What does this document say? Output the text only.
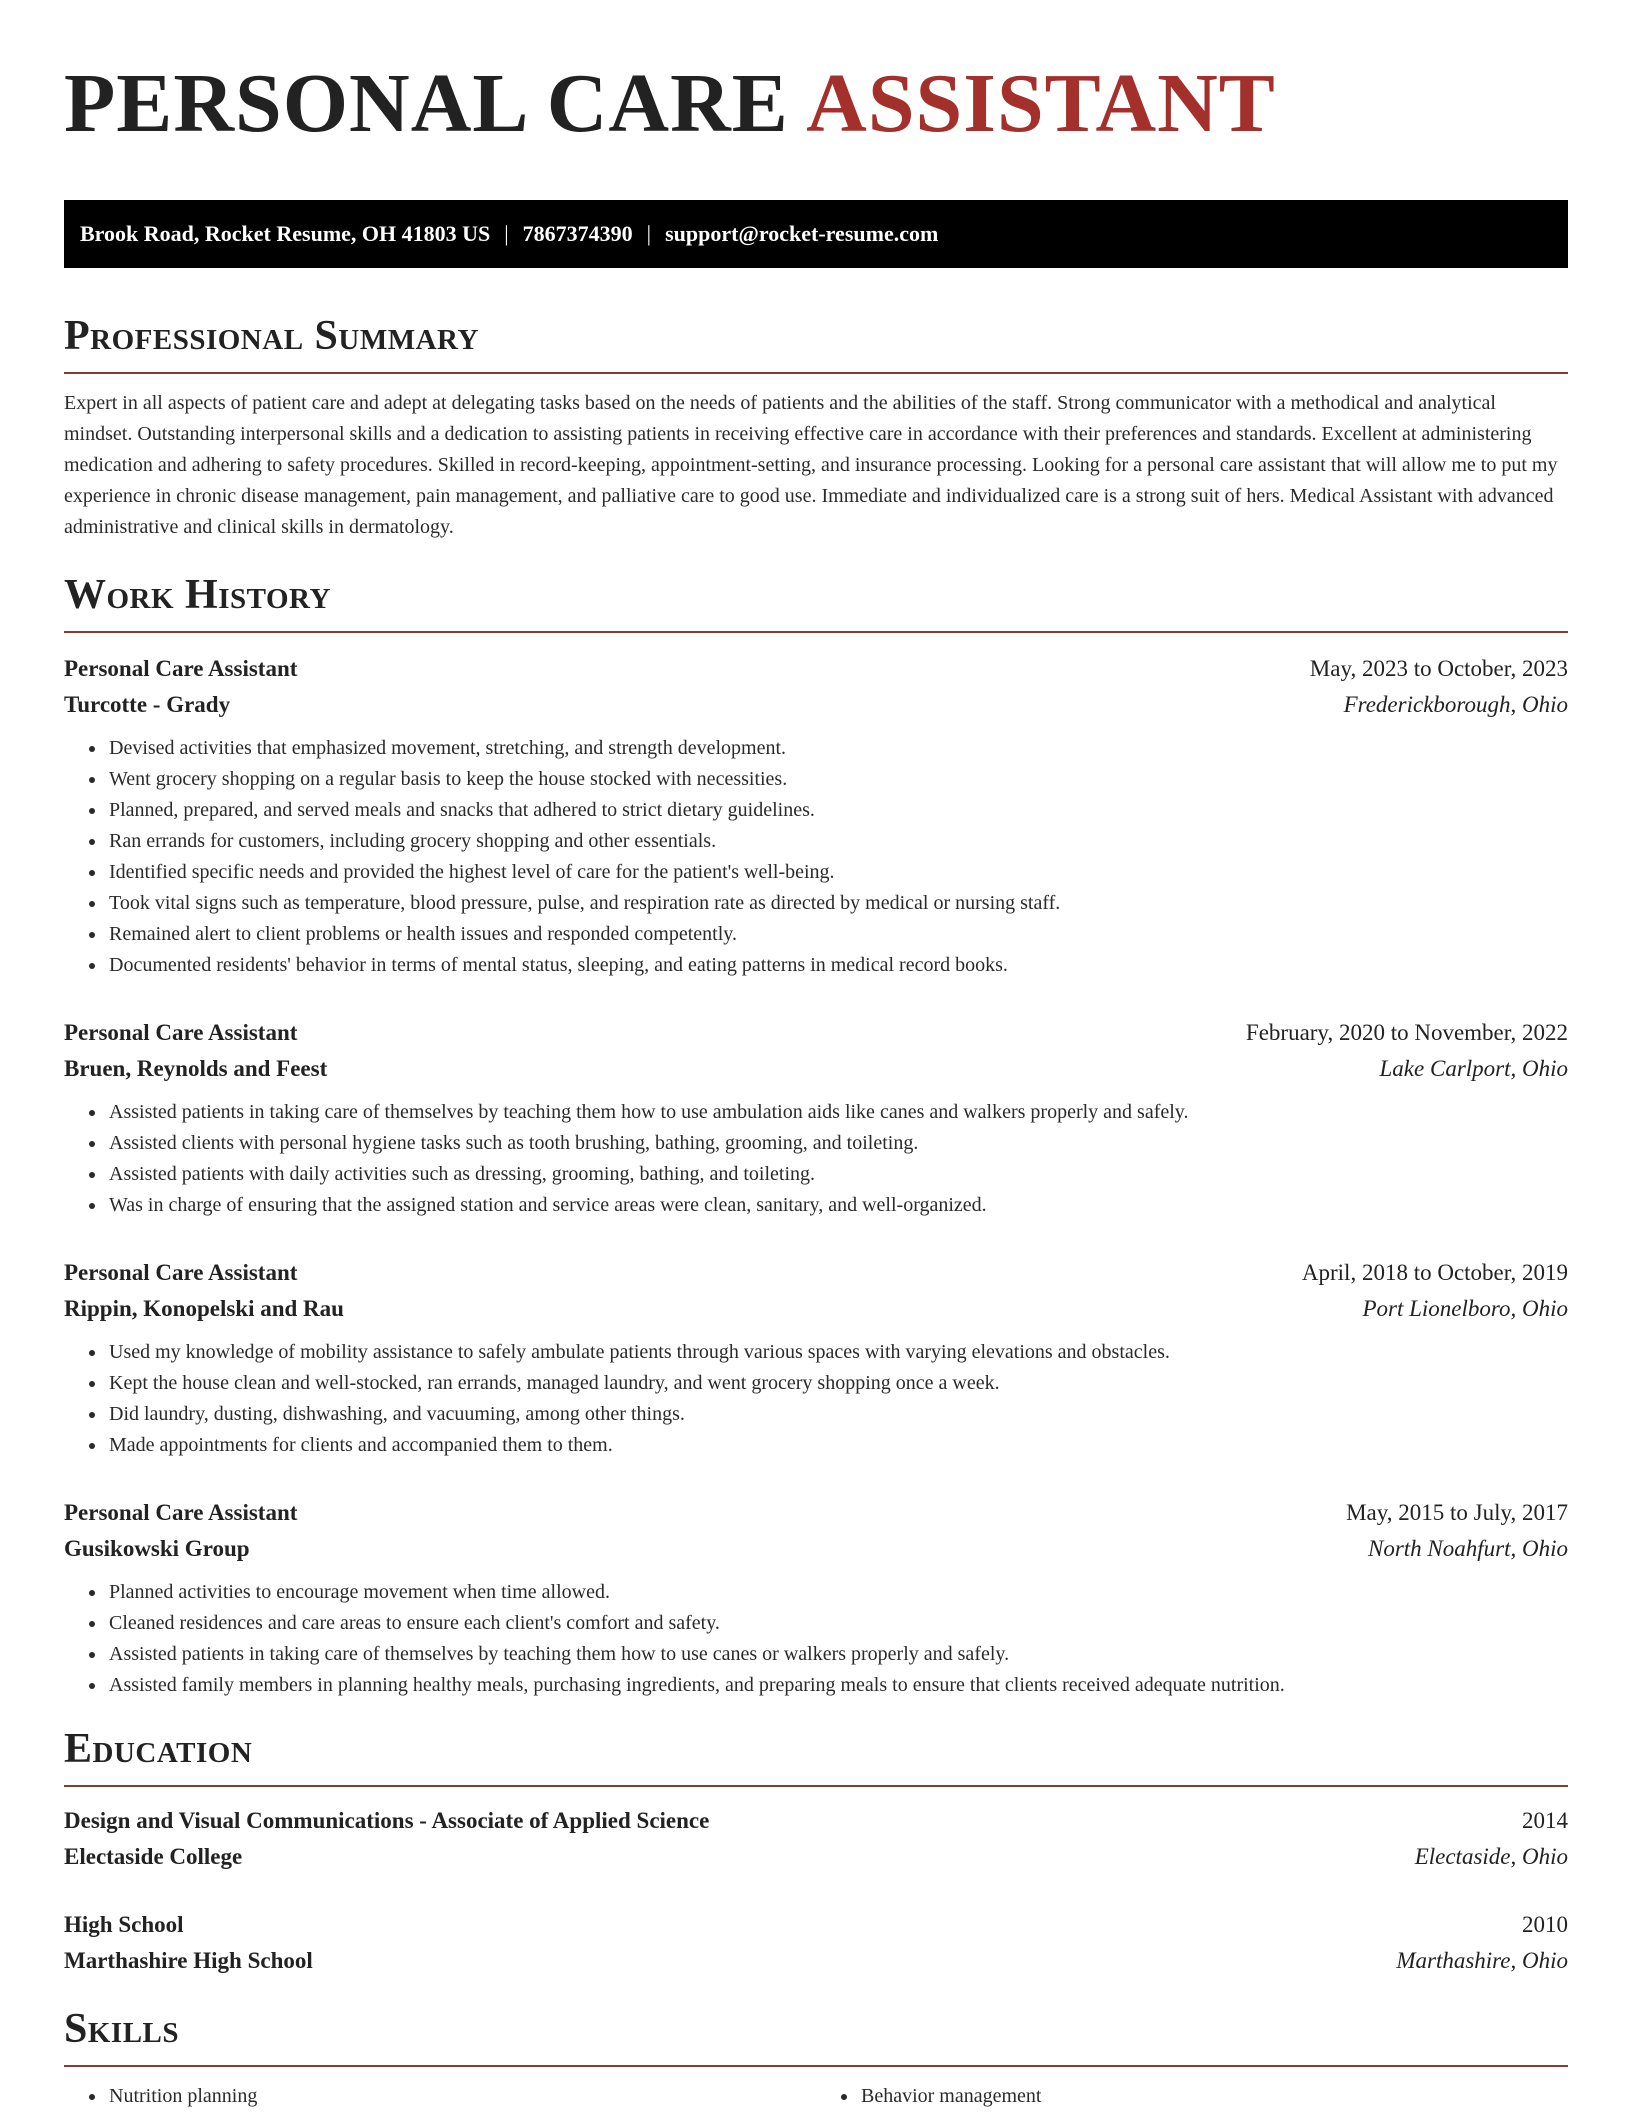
PERSONAL CARE ASSISTANT
Brook Road, Rocket Resume, OH 41803 US | 7867374390 | support@rocket-resume.com
Professional Summary

Expert in all aspects of patient care and adept at delegating tasks based on the needs of patients and the abilities of the staff. Strong communicator with a methodical and analytical mindset. Outstanding interpersonal skills and a dedication to assisting patients in receiving effective care in accordance with their preferences and standards. Excellent at administering medication and adhering to safety procedures. Skilled in record-keeping, appointment-setting, and insurance processing. Looking for a personal care assistant that will allow me to put my experience in chronic disease management, pain management, and palliative care to good use. Immediate and individualized care is a strong suit of hers. Medical Assistant with advanced administrative and clinical skills in dermatology.

Work History
Personal Care Assistant	May, 2023 to October, 2023
Turcotte - Grady	Frederickborough, Ohio
• Devised activities that emphasized movement, stretching, and strength development.
• Went grocery shopping on a regular basis to keep the house stocked with necessities.
• Planned, prepared, and served meals and snacks that adhered to strict dietary guidelines.
• Ran errands for customers, including grocery shopping and other essentials.
• Identified specific needs and provided the highest level of care for the patient's well-being.
• Took vital signs such as temperature, blood pressure, pulse, and respiration rate as directed by medical or nursing staff.
• Remained alert to client problems or health issues and responded competently.
• Documented residents' behavior in terms of mental status, sleeping, and eating patterns in medical record books.
Personal Care Assistant	February, 2020 to November, 2022
Bruen, Reynolds and Feest	Lake Carlport, Ohio
• Assisted patients in taking care of themselves by teaching them how to use ambulation aids like canes and walkers properly and safely.
• Assisted clients with personal hygiene tasks such as tooth brushing, bathing, grooming, and toileting.
• Assisted patients with daily activities such as dressing, grooming, bathing, and toileting.
• Was in charge of ensuring that the assigned station and service areas were clean, sanitary, and well-organized.
Personal Care Assistant	April, 2018 to October, 2019
Rippin, Konopelski and Rau	Port Lionelboro, Ohio
• Used my knowledge of mobility assistance to safely ambulate patients through various spaces with varying elevations and obstacles.
• Kept the house clean and well-stocked, ran errands, managed laundry, and went grocery shopping once a week.
• Did laundry, dusting, dishwashing, and vacuuming, among other things.
• Made appointments for clients and accompanied them to them.
Personal Care Assistant	May, 2015 to July, 2017
Gusikowski Group	North Noahfurt, Ohio
• Planned activities to encourage movement when time allowed.
• Cleaned residences and care areas to ensure each client's comfort and safety.
• Assisted patients in taking care of themselves by teaching them how to use canes or walkers properly and safely.
• Assisted family members in planning healthy meals, purchasing ingredients, and preparing meals to ensure that clients received adequate nutrition.
Education
Design and Visual Communications - Associate of Applied Science	2014
Electaside College	Electaside, Ohio
High School	2010
Marthashire High School	Marthashire, Ohio
Skills
• Nutrition planning
•	Behavior management
